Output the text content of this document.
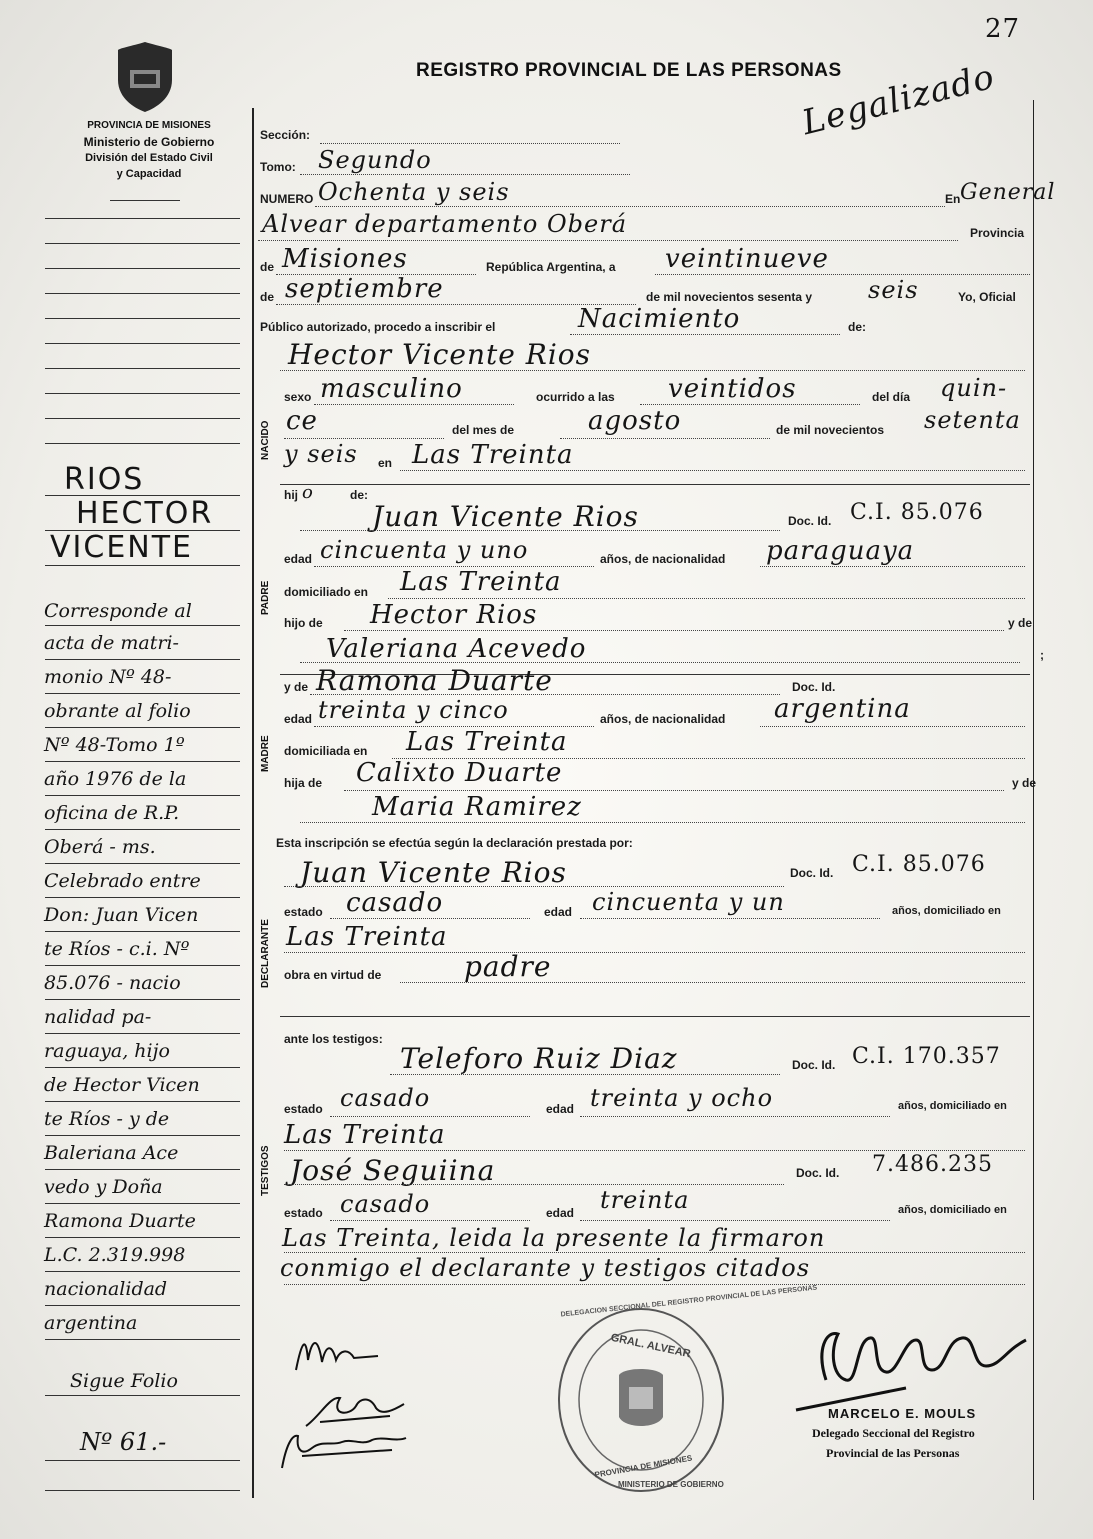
27
PROVINCIA DE MISIONES
Ministerio de Gobierno
División del Estado Civil
y Capacidad
REGISTRO PROVINCIAL DE LAS PERSONAS
Legalizado
RIOS
HECTOR
VICENTE
Corresponde al
acta de matri-
monio Nº 48-
obrante al folio
Nº 48-Tomo 1º
año 1976 de la
oficina de R.P.
Oberá - ms.
Celebrado entre
Don: Juan Vicen
te Ríos - c.i. Nº
85.076 - nacio
nalidad pa-
raguaya, hijo
de Hector Vicen
te Ríos - y de
Baleriana Ace
vedo y Doña
Ramona Duarte
L.C. 2.319.998
nacionalidad
argentina
Sigue Folio
Nº 61.-
Sección:
Tomo: Segundo
NUMERO Ochenta y seis	En General
Alvear departamento Oberá	Provincia
de Misiones	República Argentina, a veintinueve
de septiembre	de mil novecientos sesenta y seis	Yo, Oficial
Público autorizado, procedo a inscribir el	Nacimiento	de:
NACIDO
Hector Vicente Rios
sexo masculino	ocurrido a las veintidos	del día quin-
ce	del mes de	agosto	de mil novecientos setenta
y seis en Las Treinta
hij o	de:
PADRE
Juan Vicente Rios	Doc. Id. C.I. 85.076
edad cincuenta y uno	años, de nacionalidad paraguaya
domiciliado en Las Treinta
hijo de Hector Rios	y de
Valeriana Acevedo	;
MADRE
y de Ramona Duarte	Doc. Id.
edad treinta y cinco	años, de nacionalidad argentina
domiciliada en Las Treinta
hija de Calixto Duarte	y de
Maria Ramirez
Esta inscripción se efectúa según la declaración prestada por:
DECLARANTE
Juan Vicente Rios	Doc. Id. C.I. 85.076
estado casado	edad cincuenta y un	años, domiciliado en
Las Treinta
obra en virtud de	padre
ante los testigos:
TESTIGOS
Teleforo Ruiz Diaz	Doc. Id. C.I. 170.357
estado casado	edad treinta y ocho	años, domiciliado en
Las Treinta
José Seguiina	Doc. Id. 7.486.235
estado casado	edad treinta	años, domiciliado en
Las Treinta, leida la presente la firmaron
conmigo el declarante y testigos citados
GRAL. ALVEAR
DELEGACION SECCIONAL DEL REGISTRO PROVINCIAL DE LAS PERSONAS
PROVINCIA DE MISIONES
MINISTERIO DE GOBIERNO
MARCELO E. MOULS
Delegado Seccional del Registro
Provincial de las Personas
